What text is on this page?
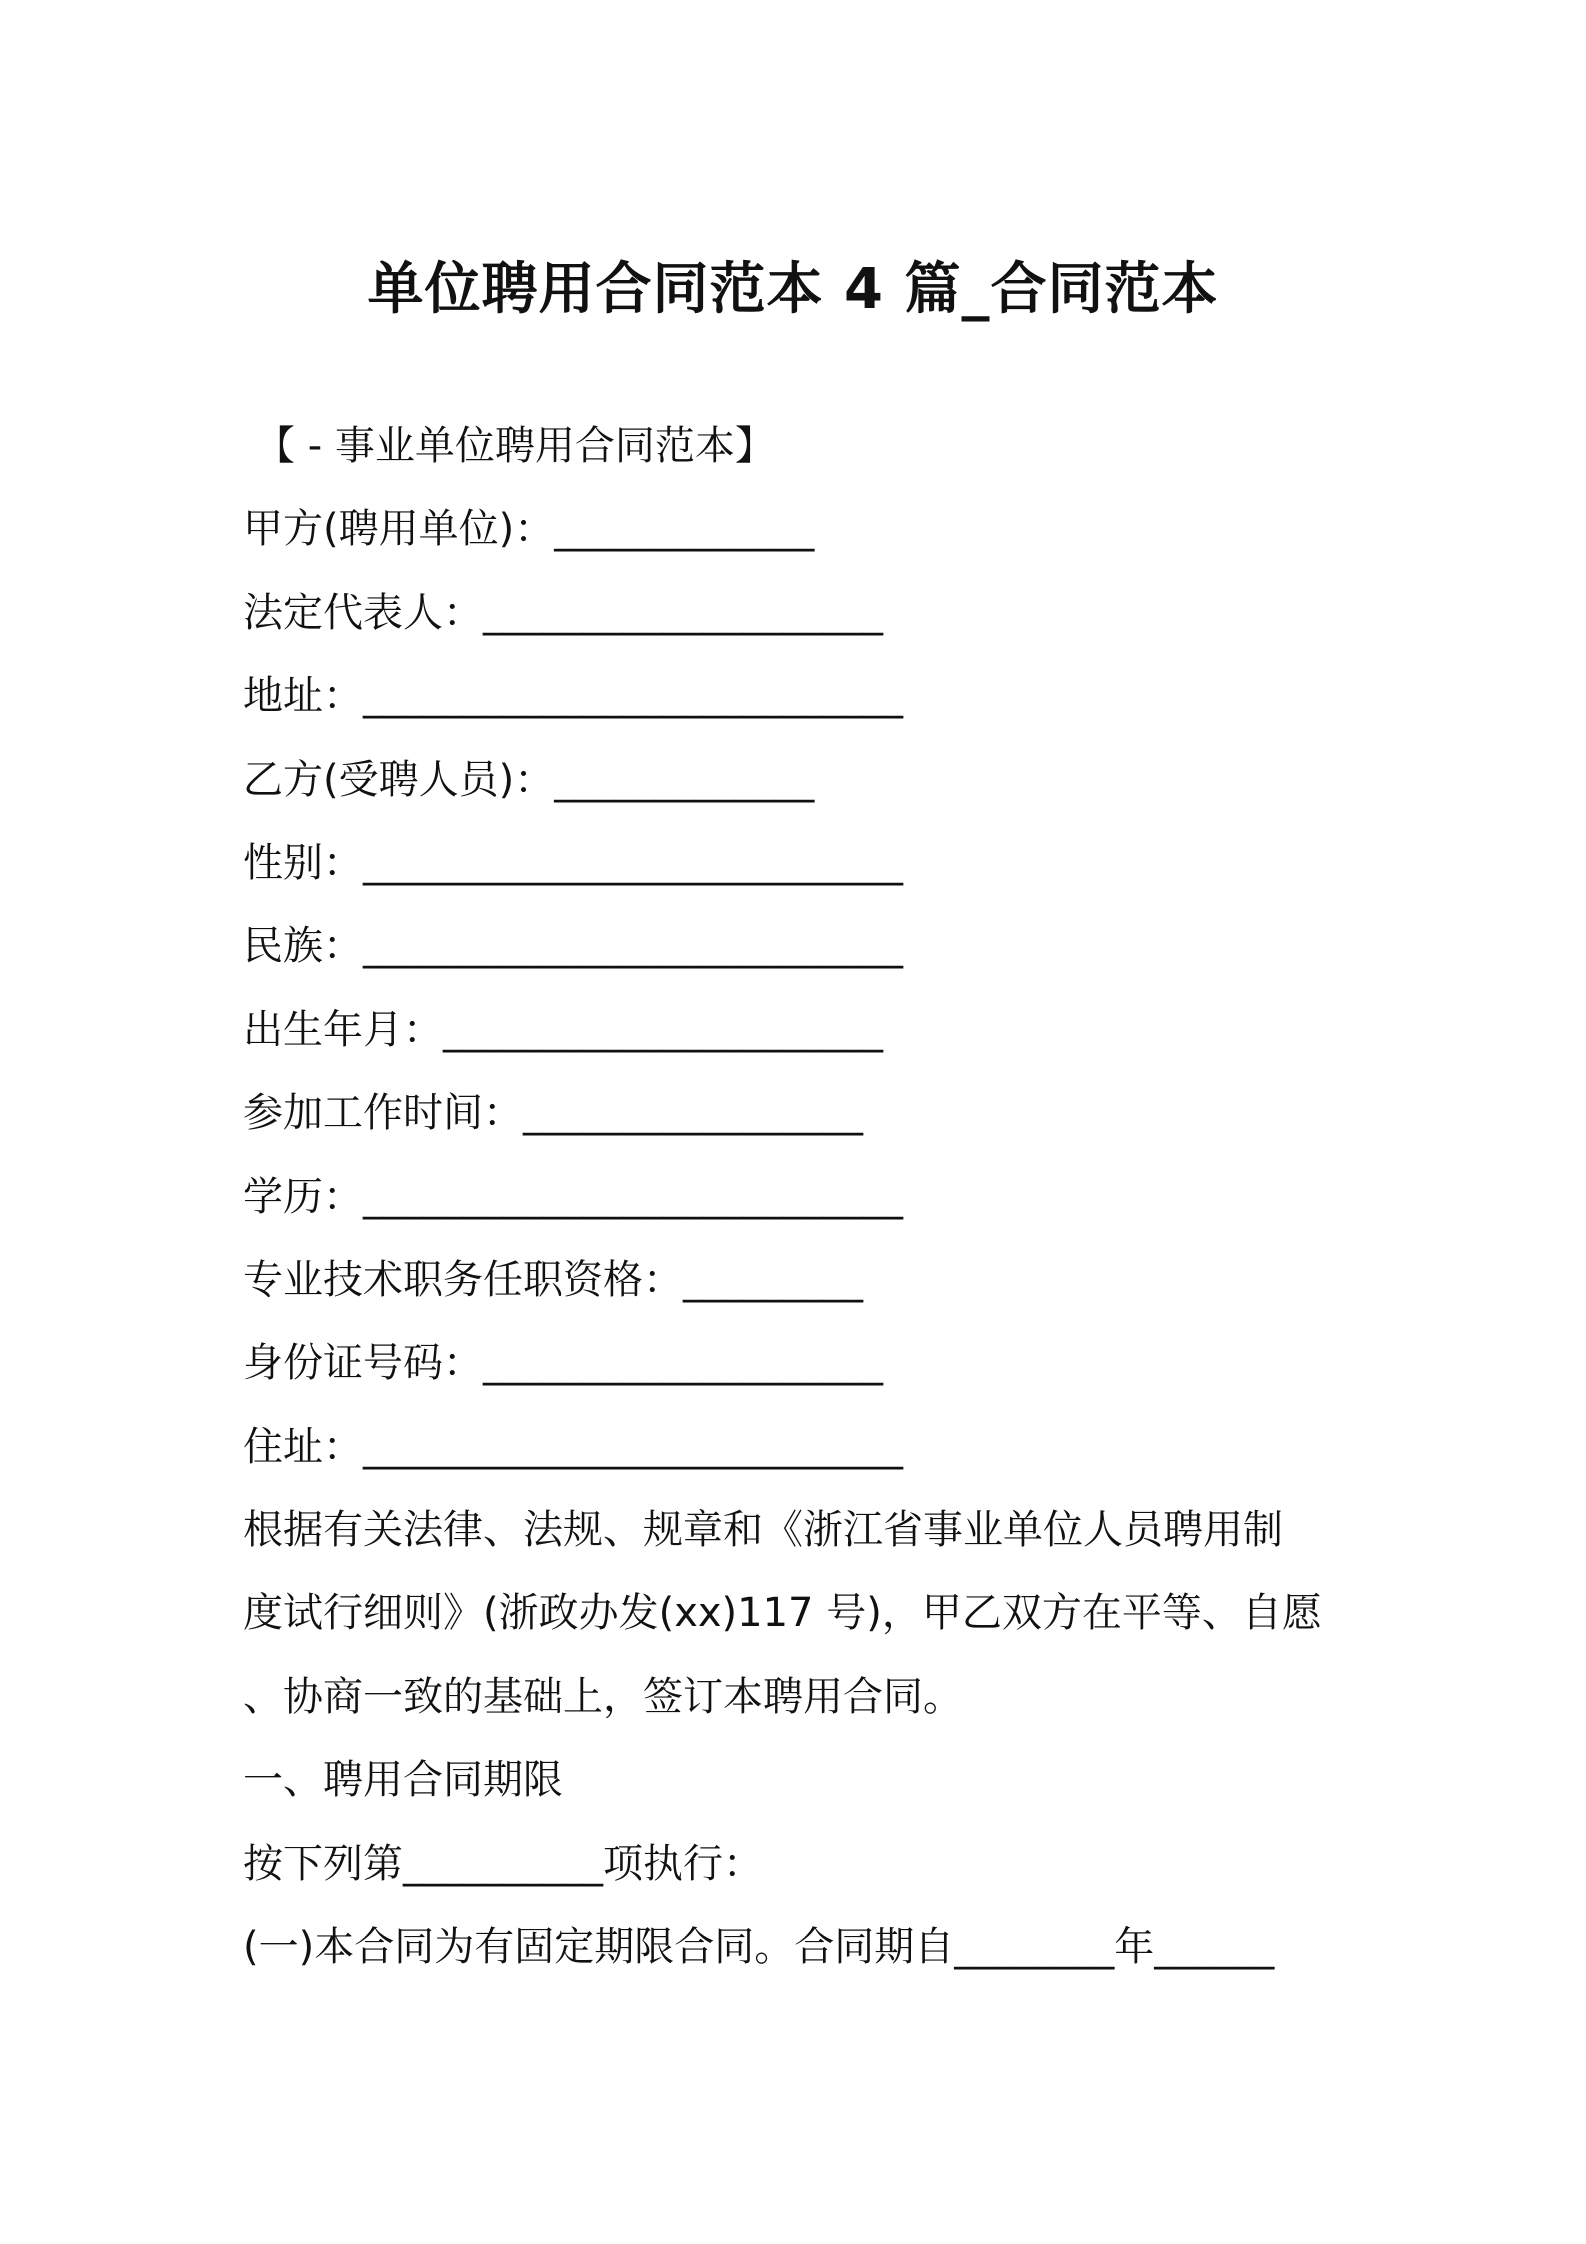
单位聘用合同范本 4 篇_合同范本
【 - 事业单位聘用合同范本】
甲方(聘用单位)：_____________
法定代表人：____________________
地址：___________________________
乙方(受聘人员)：_____________
性别：___________________________
民族：___________________________
出生年月：______________________
参加工作时间：_________________
学历：___________________________
专业技术职务任职资格：_________
身份证号码：____________________
住址：___________________________
根据有关法律、法规、规章和《浙江省事业单位人员聘用制
度试行细则》(浙政办发(xx)117 号)，甲乙双方在平等、自愿
、协商一致的基础上，签订本聘用合同。
一、聘用合同期限
按下列第__________项执行：
(一)本合同为有固定期限合同。合同期自________年______
